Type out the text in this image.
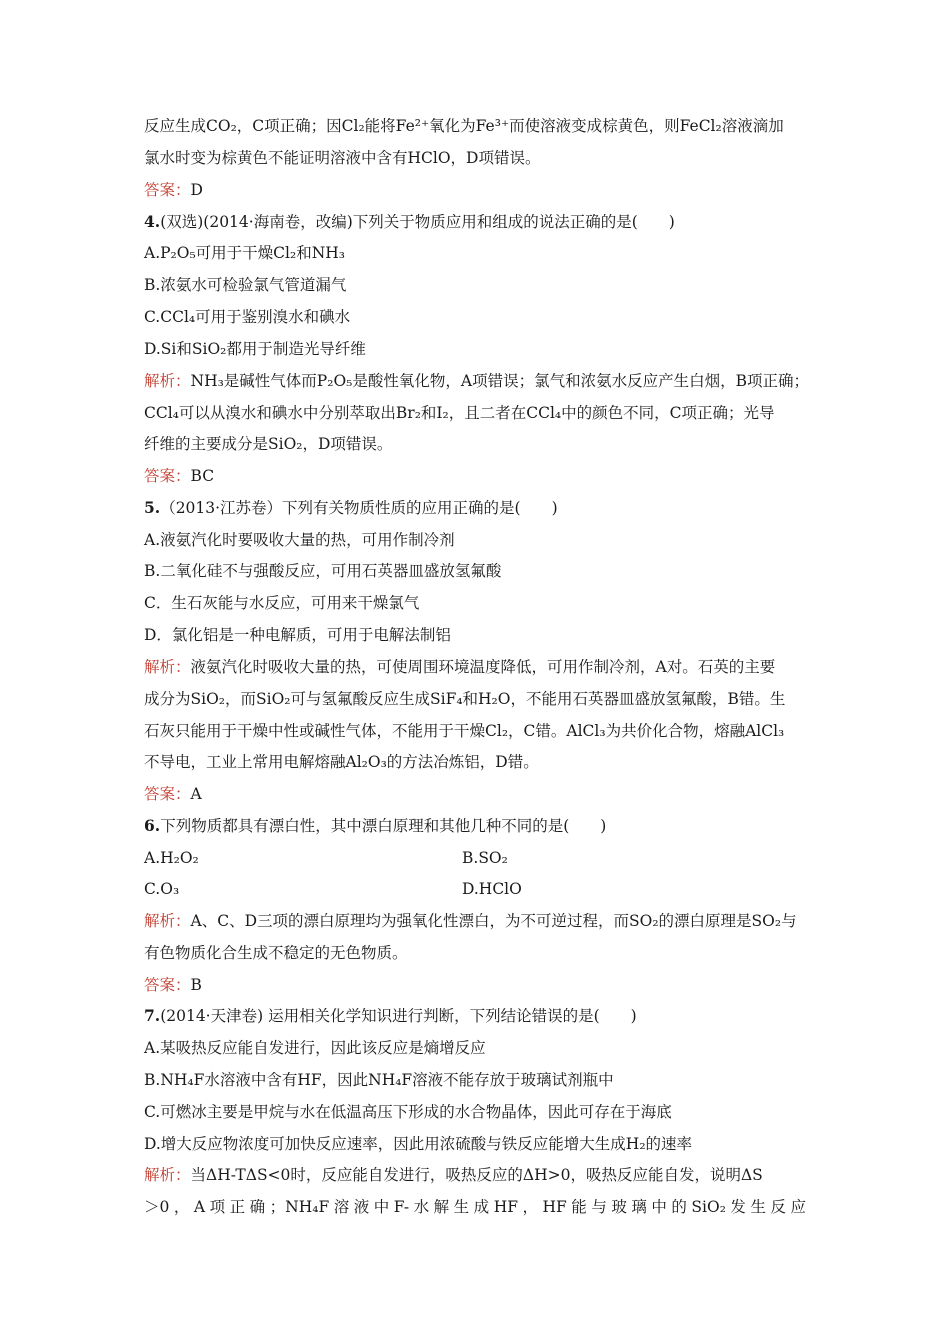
反应生成CO₂，C项正确；因Cl₂能将Fe²⁺氧化为Fe³⁺而使溶液变成棕黄色，则FeCl₂溶液滴加
氯水时变为棕黄色不能证明溶液中含有HClO，D项错误。
答案：D
4.(双选)(2014·海南卷，改编)下列关于物质应用和组成的说法正确的是(　　)
A.P₂O₅可用于干燥Cl₂和NH₃
B.浓氨水可检验氯气管道漏气
C.CCl₄可用于鉴别溴水和碘水
D.Si和SiO₂都用于制造光导纤维
解析：NH₃是碱性气体而P₂O₅是酸性氧化物，A项错误；氯气和浓氨水反应产生白烟，B项正确；
CCl₄可以从溴水和碘水中分别萃取出Br₂和I₂，且二者在CCl₄中的颜色不同，C项正确；光导
纤维的主要成分是SiO₂，D项错误。
答案：BC
5.（2013·江苏卷）下列有关物质性质的应用正确的是(　　)
A.液氨汽化时要吸收大量的热，可用作制冷剂
B.二氧化硅不与强酸反应，可用石英器皿盛放氢氟酸
C．生石灰能与水反应，可用来干燥氯气
D．氯化铝是一种电解质，可用于电解法制铝
解析：液氨汽化时吸收大量的热，可使周围环境温度降低，可用作制冷剂，A对。石英的主要
成分为SiO₂，而SiO₂可与氢氟酸反应生成SiF₄和H₂O，不能用石英器皿盛放氢氟酸，B错。生
石灰只能用于干燥中性或碱性气体，不能用于干燥Cl₂，C错。AlCl₃为共价化合物，熔融AlCl₃
不导电，工业上常用电解熔融Al₂O₃的方法冶炼铝，D错。
答案：A
6.下列物质都具有漂白性，其中漂白原理和其他几种不同的是(　　)
A.H₂O₂	B.SO₂
C.O₃	D.HClO
解析：A、C、D三项的漂白原理均为强氧化性漂白，为不可逆过程，而SO₂的漂白原理是SO₂与
有色物质化合生成不稳定的无色物质。
答案：B
7.(2014·天津卷) 运用相关化学知识进行判断，下列结论错误的是(　　)
A.某吸热反应能自发进行，因此该反应是熵增反应
B.NH₄F水溶液中含有HF，因此NH₄F溶液不能存放于玻璃试剂瓶中
C.可燃冰主要是甲烷与水在低温高压下形成的水合物晶体，因此可存在于海底
D.增大反应物浓度可加快反应速率，因此用浓硫酸与铁反应能增大生成H₂的速率
解析：当ΔH-TΔS<0时，反应能自发进行，吸热反应的ΔH>0，吸热反应能自发，说明ΔS
＞0，A项正确；NH₄F溶液中F-水解生成HF，HF能与玻璃中的SiO₂发生反应
